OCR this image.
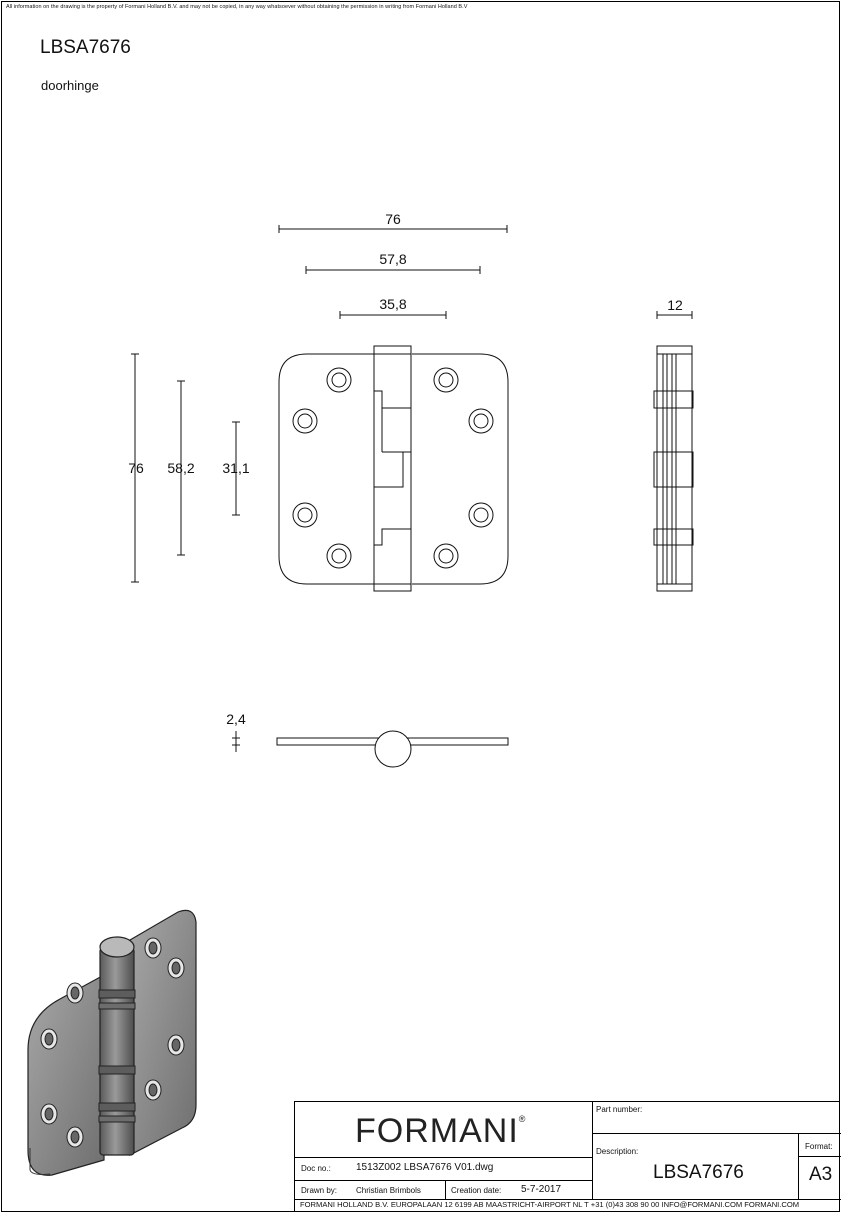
All information on the drawing is the property of Formani Holland B.V. and may not be copied, in any way whatsoever without obtaining the permission in writing from Formani Holland B.V
LBSA7676
doorhinge
76
57,8
35,8	12
76 58,2 31,1
2,4
FORMANI®
Doc no.:	1513Z002 LBSA7676 V01.dwg
Drawn by: Christian Brimbols	Creation date: 5-7-2017
Part number:
Description:
LBSA7676
Format:
A3
FORMANI HOLLAND B.V. EUROPALAAN 12 6199 AB MAASTRICHT-AIRPORT NL T +31 (0)43 308 90 00 INFO@FORMANI.COM FORMANI.COM
